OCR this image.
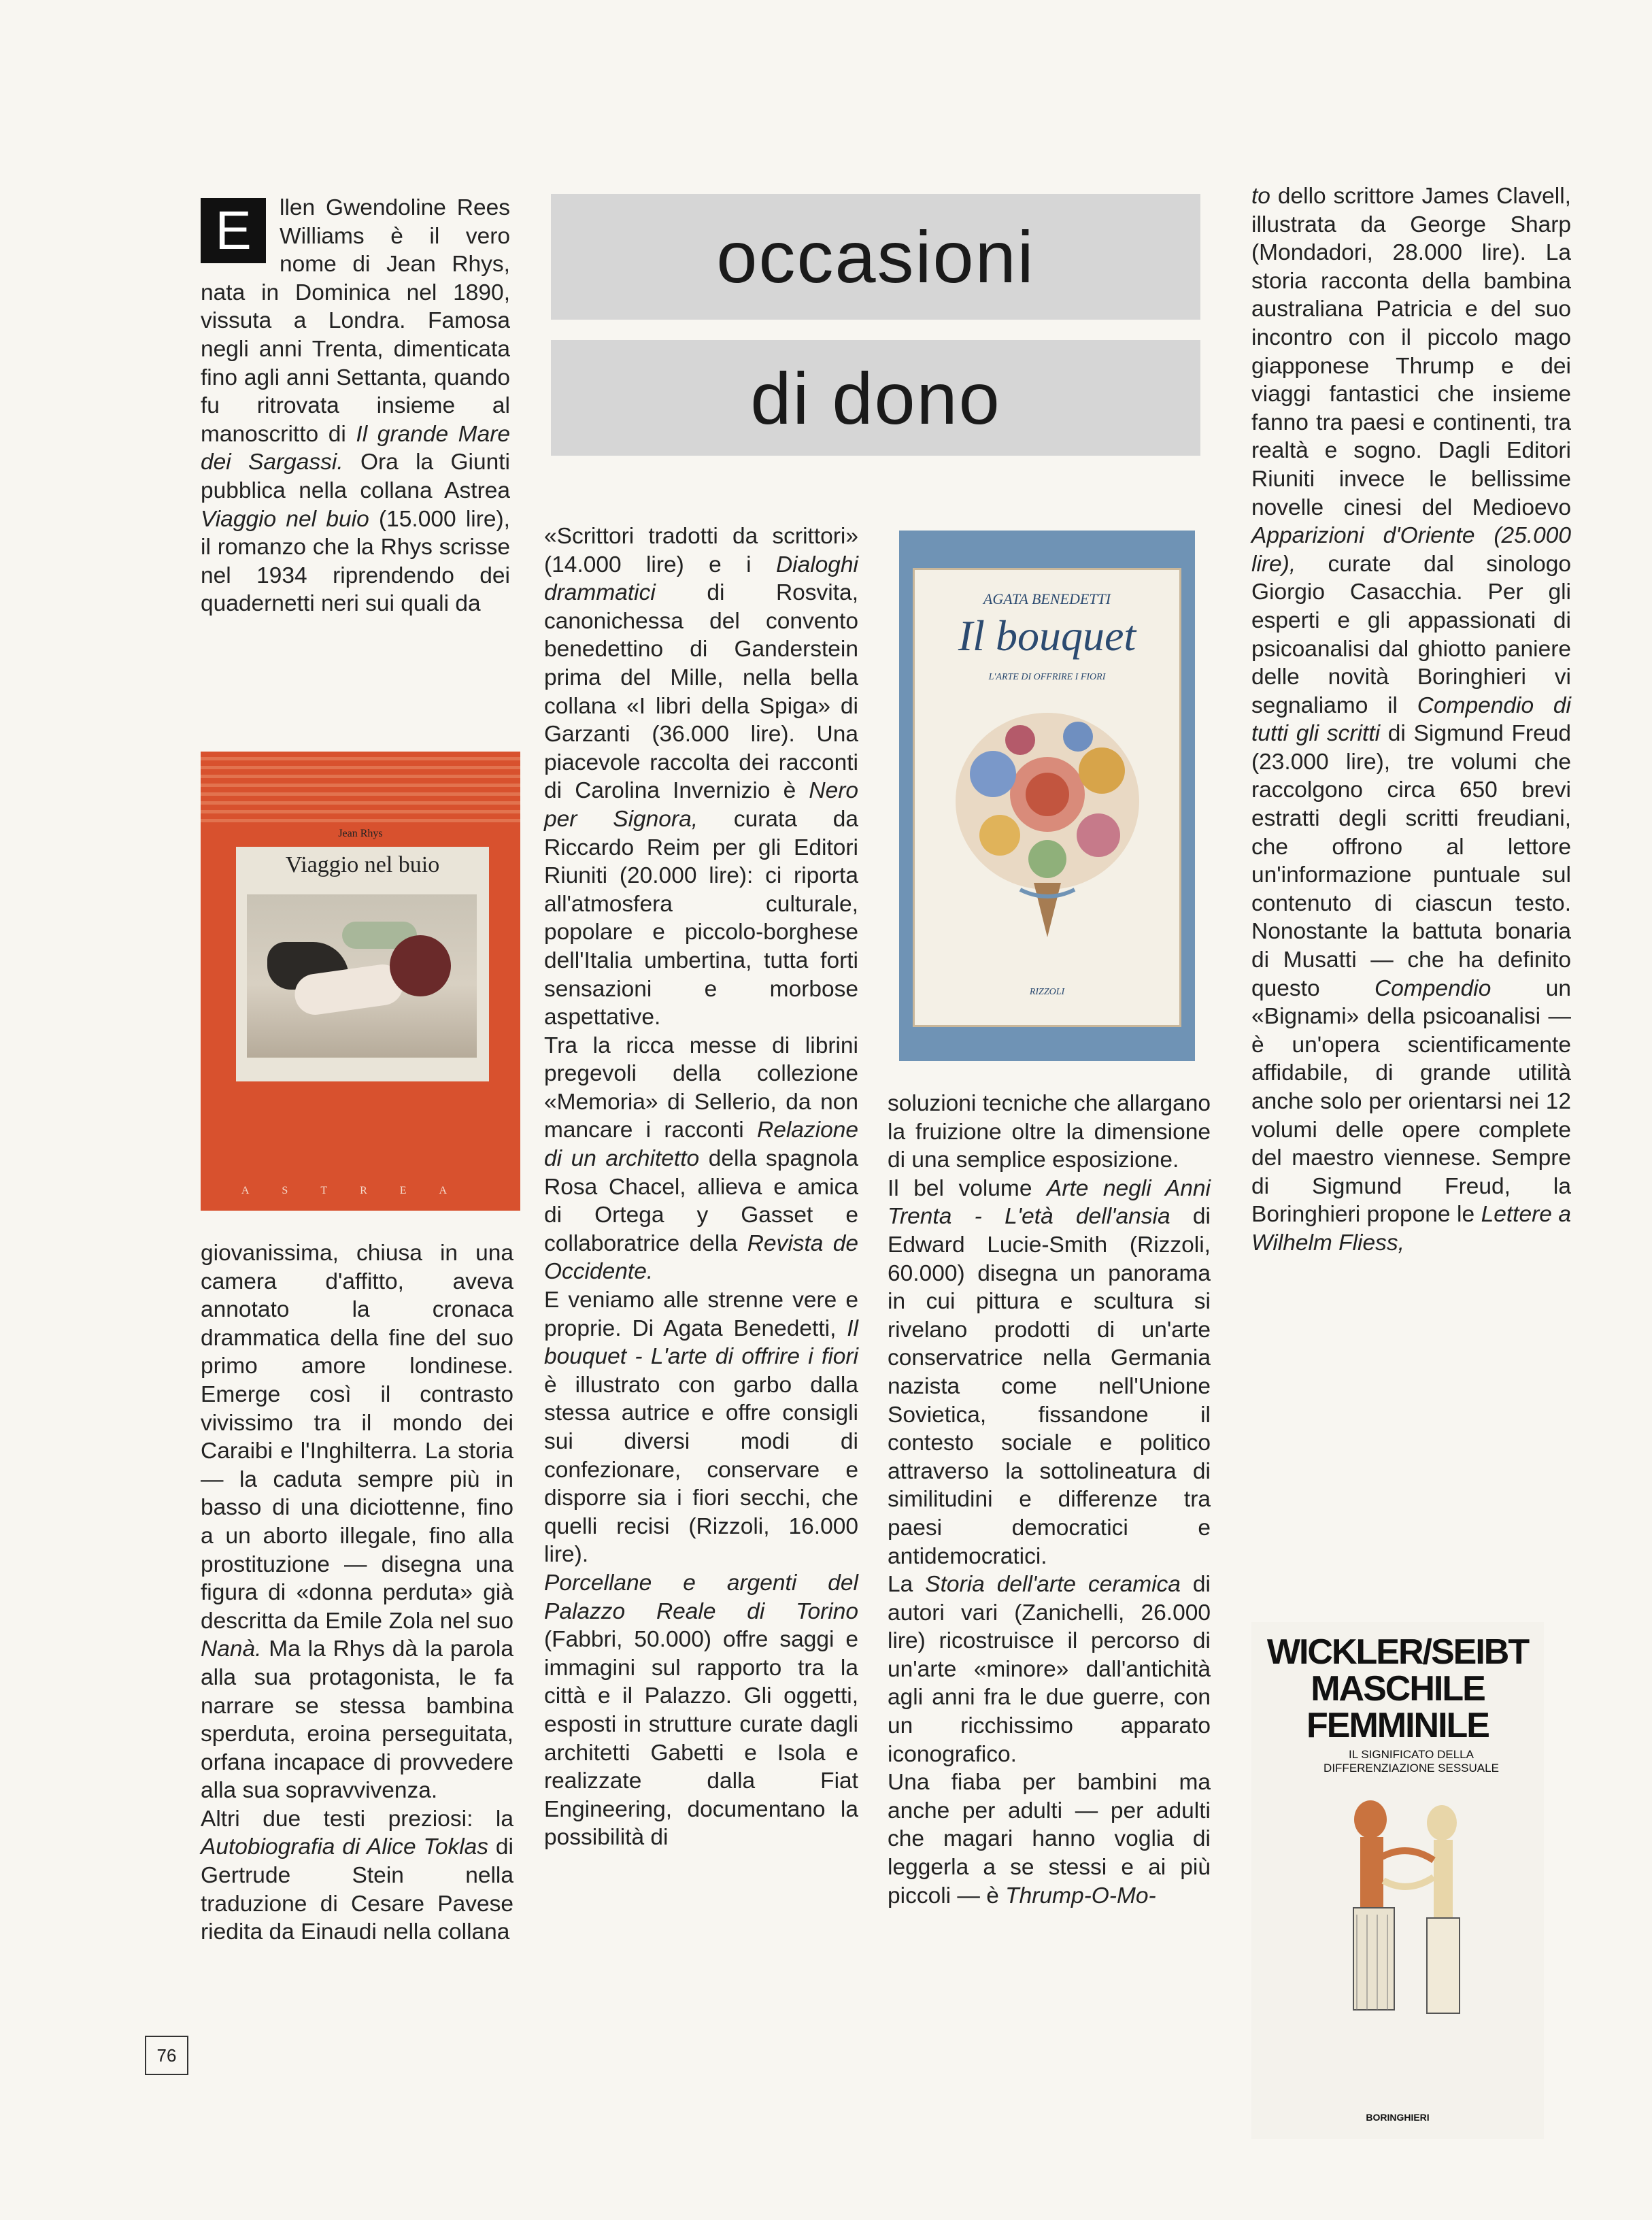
occasioni
di dono

E	llen Gwendoline Rees Williams è il vero nome di Jean Rhys, nata in Dominica nel 1890, vissuta a Londra. Famosa negli anni Trenta, dimenticata fino agli anni Settanta, quando fu ritrovata insieme al manoscritto di Il grande Mare dei Sargassi. Ora la Giunti pubblica nella collana Astrea Viaggio nel buio (15.000 lire), il romanzo che la Rhys scrisse nel 1934 riprendendo dei quadernetti neri sui quali da

Jean Rhys
Viaggio nel buio
ASTREA

giovanissima, chiusa in una camera d'affitto, aveva annotato la cronaca drammatica della fine del suo primo amore londinese. Emerge così il contrasto vivissimo tra il mondo dei Caraibi e l'Inghilterra. La storia — la caduta sempre più in basso di una diciottenne, fino a un aborto illegale, fino alla prostituzione — disegna una figura di «donna perduta» già descritta da Emile Zola nel suo Nanà. Ma la Rhys dà la parola alla sua protagonista, le fa narrare se stessa bambina sperduta, eroina perseguitata, orfana incapace di provvedere alla sua sopravvivenza.

Altri due testi preziosi: la Autobiografia di Alice Toklas di Gertrude Stein nella traduzione di Cesare Pavese riedita da Einaudi nella collana

«Scrittori tradotti da scrittori» (14.000 lire) e i Dialoghi drammatici di Rosvita, canonichessa del convento benedettino di Ganderstein prima del Mille, nella bella collana «I libri della Spiga» di Garzanti (36.000 lire). Una piacevole raccolta dei racconti di Carolina Invernizio è Nero per Signora, curata da Riccardo Reim per gli Editori Riuniti (20.000 lire): ci riporta all'atmosfera culturale, popolare e piccolo-borghese dell'Italia umbertina, tutta forti sensazioni e morbose aspettative.

Tra la ricca messe di librini pregevoli della collezione «Memoria» di Sellerio, da non mancare i racconti Relazione di un architetto della spagnola Rosa Chacel, allieva e amica di Ortega y Gasset e collaboratrice della Revista de Occidente.

E veniamo alle strenne vere e proprie. Di Agata Benedetti, Il bouquet - L'arte di offrire i fiori è illustrato con garbo dalla stessa autrice e offre consigli sui diversi modi di confezionare, conservare e disporre sia i fiori secchi, che quelli recisi (Rizzoli, 16.000 lire).

Porcellane e argenti del Palazzo Reale di Torino (Fabbri, 50.000) offre saggi e immagini sul rapporto tra la città e il Palazzo. Gli oggetti, esposti in strutture curate dagli architetti Gabetti e Isola e realizzate dalla Fiat Engineering, documentano la possibilità di

AGATA BENEDETTI
Il bouquet
L'ARTE DI OFFRIRE I FIORI
RIZZOLI

soluzioni tecniche che allargano la fruizione oltre la dimensione di una semplice esposizione.

Il bel volume Arte negli Anni Trenta - L'età dell'ansia di Edward Lucie-Smith (Rizzoli, 60.000) disegna un panorama in cui pittura e scultura si rivelano prodotti di un'arte conservatrice nella Germania nazista come nell'Unione Sovietica, fissandone il contesto sociale e politico attraverso la sottolineatura di similitudini e differenze tra paesi democratici e antidemocratici.

La Storia dell'arte ceramica di autori vari (Zanichelli, 26.000 lire) ricostruisce il percorso di un'arte «minore» dall'antichità agli anni fra le due guerre, con un ricchissimo apparato iconografico.

Una fiaba per bambini ma anche per adulti — per adulti che magari hanno voglia di leggerla a se stessi e ai più piccoli — è Thrump-O-Mo-

to dello scrittore James Clavell, illustrata da George Sharp (Mondadori, 28.000 lire). La storia racconta della bambina australiana Patricia e del suo incontro con il piccolo mago giapponese Thrump e dei viaggi fantastici che insieme fanno tra paesi e continenti, tra realtà e sogno. Dagli Editori Riuniti invece le bellissime novelle cinesi del Medioevo Apparizioni d'Oriente (25.000 lire), curate dal sinologo Giorgio Casacchia. Per gli esperti e gli appassionati di psicoanalisi dal ghiotto paniere delle novità Boringhieri vi segnaliamo il Compendio di tutti gli scritti di Sigmund Freud (23.000 lire), tre volumi che raccolgono circa 650 brevi estratti degli scritti freudiani, che offrono al lettore un'informazione puntuale sul contenuto di ciascun testo. Nonostante la battuta bonaria di Musatti — che ha definito questo Compendio un «Bignami» della psicoanalisi — è un'opera scientificamente affidabile, di grande utilità anche solo per orientarsi nei 12 volumi delle opere complete del maestro viennese. Sempre di Sigmund Freud, la Boringhieri propone le Lettere a Wilhelm Fliess,

WICKLER/SEIBT
MASCHILE
FEMMINILE
IL SIGNIFICATO DELLA DIFFERENZIAZIONE SESSUALE
BORINGHIERI
76
